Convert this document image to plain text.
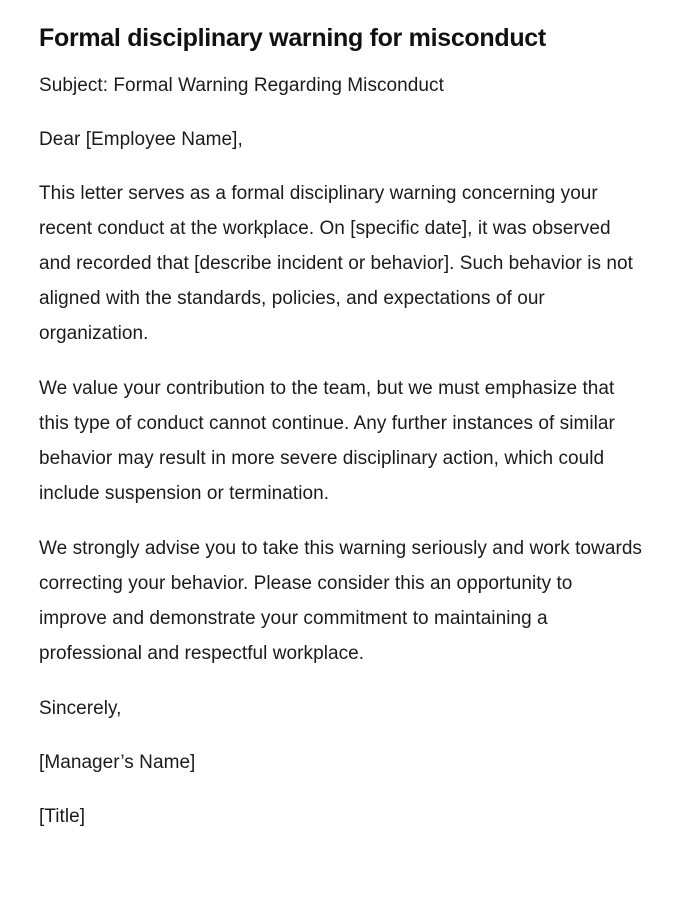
Formal disciplinary warning for misconduct

Subject: Formal Warning Regarding Misconduct

Dear [Employee Name],

This letter serves as a formal disciplinary warning concerning your recent conduct at the workplace. On [specific date], it was observed and recorded that [describe incident or behavior]. Such behavior is not aligned with the standards, policies, and expectations of our organization.

We value your contribution to the team, but we must emphasize that this type of conduct cannot continue. Any further instances of similar behavior may result in more severe disciplinary action, which could include suspension or termination.

We strongly advise you to take this warning seriously and work towards correcting your behavior. Please consider this an opportunity to improve and demonstrate your commitment to maintaining a professional and respectful workplace.

Sincerely,

[Manager’s Name]

[Title]
